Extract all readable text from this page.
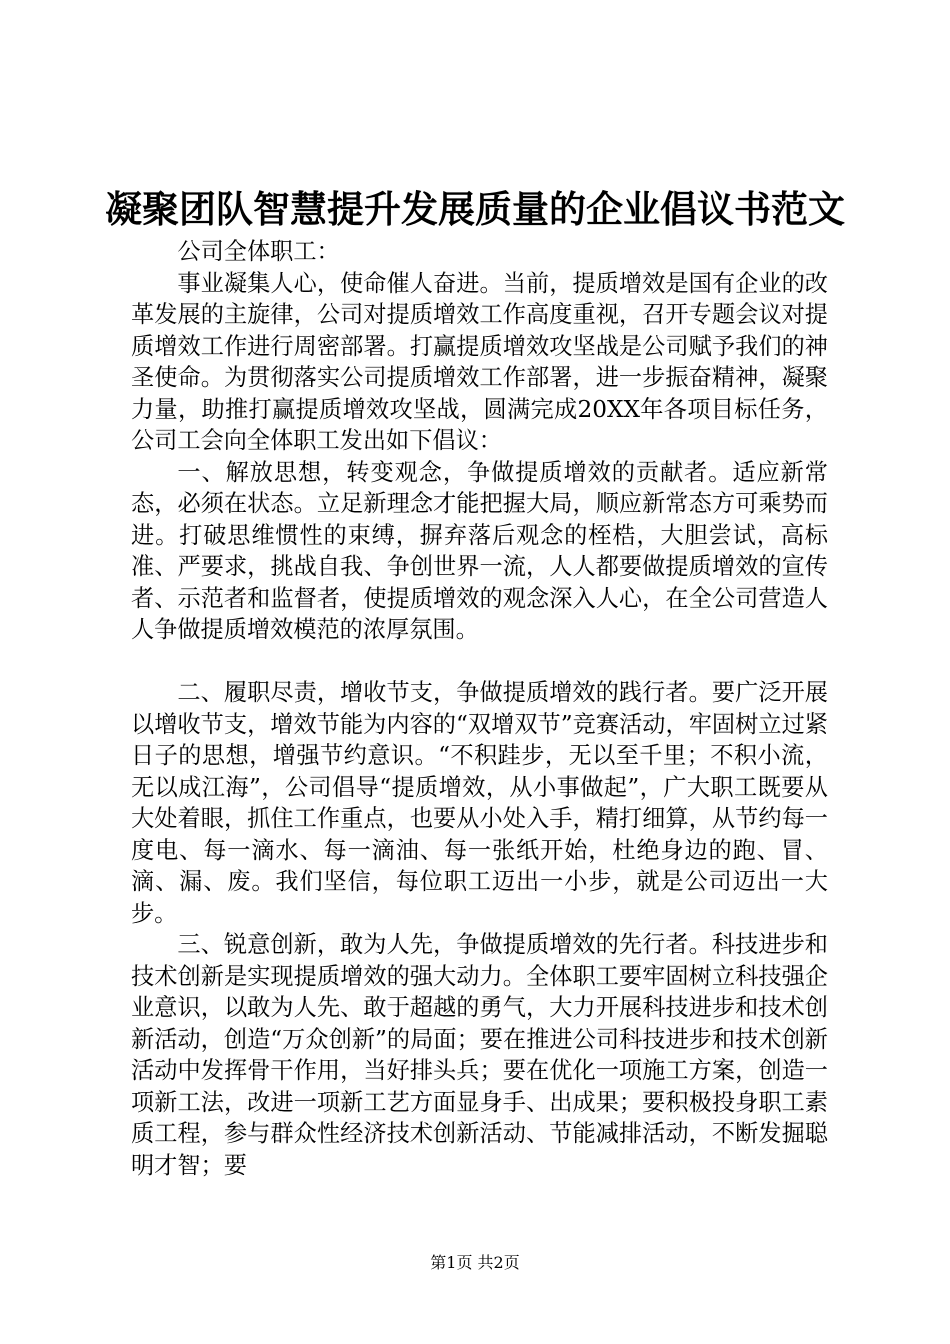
凝聚团队智慧提升发展质量的企业倡议书范文

公司全体职工：

事业凝集人心，使命催人奋进。当前，提质增效是国有企业的改革发展的主旋律，公司对提质增效工作高度重视，召开专题会议对提质增效工作进行周密部署。打赢提质增效攻坚战是公司赋予我们的神圣使命。为贯彻落实公司提质增效工作部署，进一步振奋精神，凝聚力量，助推打赢提质增效攻坚战，圆满完成20XX年各项目标任务，公司工会向全体职工发出如下倡议：

一、解放思想，转变观念，争做提质增效的贡献者。适应新常态，必须在状态。立足新理念才能把握大局，顺应新常态方可乘势而进。打破思维惯性的束缚，摒弃落后观念的桎梏，大胆尝试，高标准、严要求，挑战自我、争创世界一流，人人都要做提质增效的宣传者、示范者和监督者，使提质增效的观念深入人心，在全公司营造人人争做提质增效模范的浓厚氛围。

二、履职尽责，增收节支，争做提质增效的践行者。要广泛开展以增收节支，增效节能为内容的“双增双节”竞赛活动，牢固树立过紧日子的思想，增强节约意识。“不积跬步，无以至千里；不积小流，无以成江海”，公司倡导“提质增效，从小事做起”，广大职工既要从大处着眼，抓住工作重点，也要从小处入手，精打细算，从节约每一度电、每一滴水、每一滴油、每一张纸开始，杜绝身边的跑、冒、滴、漏、废。我们坚信，每位职工迈出一小步，就是公司迈出一大步。

三、锐意创新，敢为人先，争做提质增效的先行者。科技进步和技术创新是实现提质增效的强大动力。全体职工要牢固树立科技强企业意识，以敢为人先、敢于超越的勇气，大力开展科技进步和技术创新活动，创造“万众创新”的局面；要在推进公司科技进步和技术创新活动中发挥骨干作用，当好排头兵；要在优化一项施工方案，创造一项新工法，改进一项新工艺方面显身手、出成果；要积极投身职工素质工程，参与群众性经济技术创新活动、节能减排活动，不断发掘聪明才智；要

第1页 共2页
